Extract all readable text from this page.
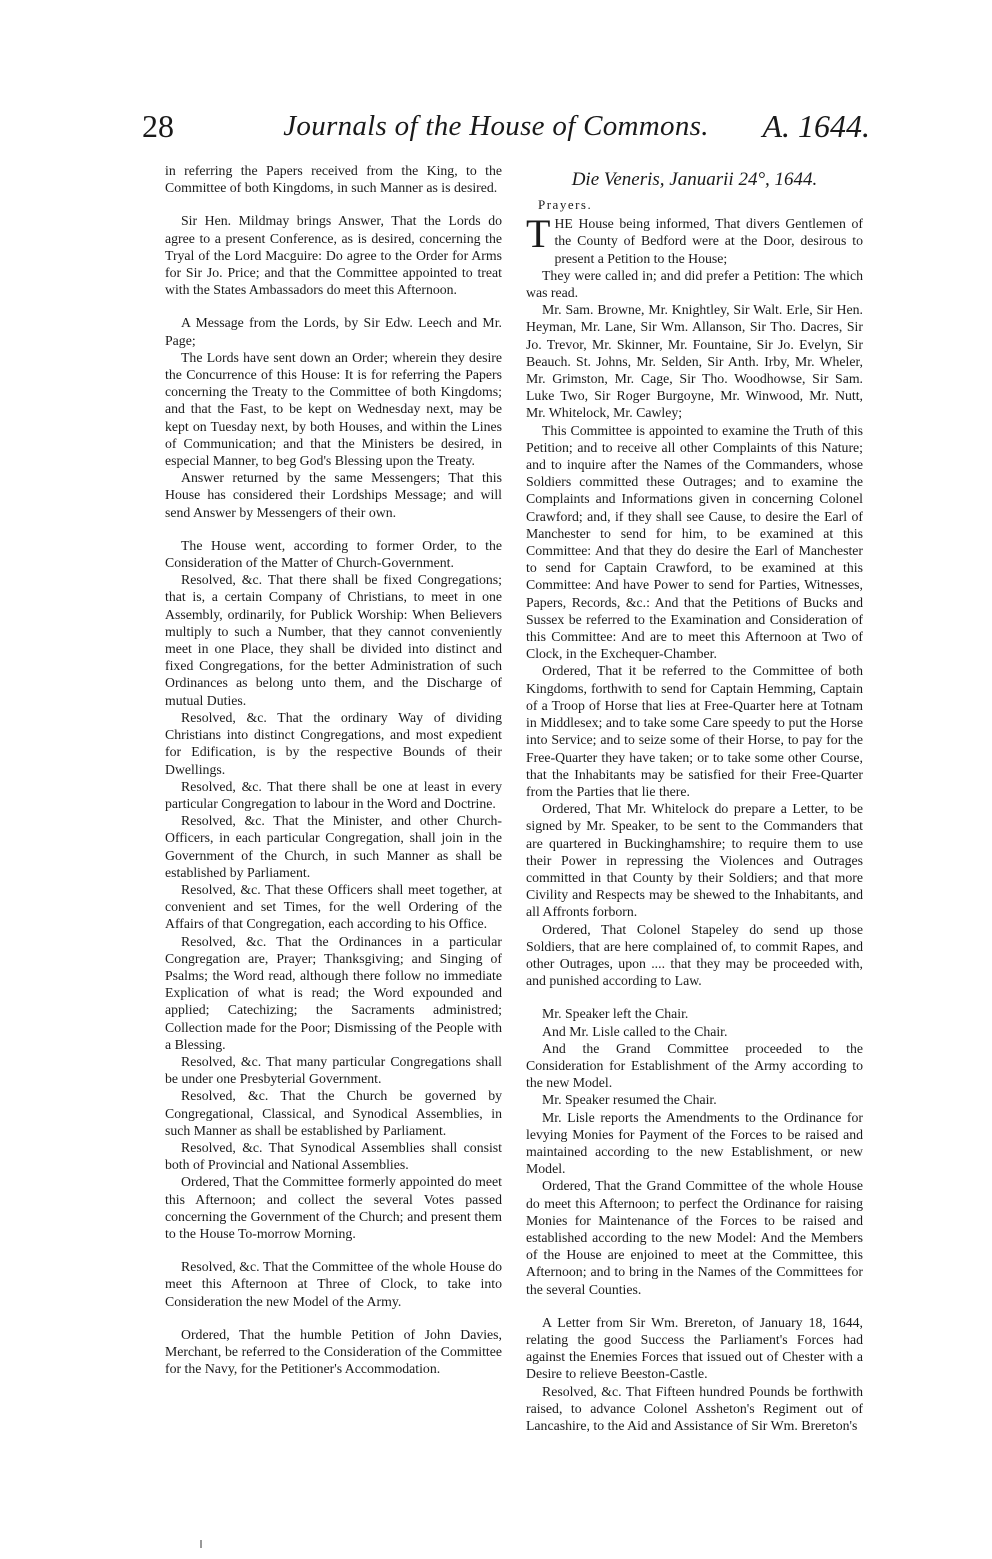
28	Journals of the House of Commons.	A. 1644.

in referring the Papers received from the King, to the Committee of both Kingdoms, in such Manner as is desired.

Sir Hen. Mildmay brings Answer, That the Lords do agree to a present Conference, as is desired, concerning the Tryal of the Lord Macguire: Do agree to the Order for Arms for Sir Jo. Price; and that the Committee appointed to treat with the States Ambassadors do meet this Afternoon.

A Message from the Lords, by Sir Edw. Leech and Mr. Page;

The Lords have sent down an Order; wherein they desire the Concurrence of this House: It is for referring the Papers concerning the Treaty to the Committee of both Kingdoms; and that the Fast, to be kept on Wednesday next, may be kept on Tuesday next, by both Houses, and within the Lines of Communication; and that the Ministers be desired, in especial Manner, to beg God's Blessing upon the Treaty.

Answer returned by the same Messengers; That this House has considered their Lordships Message; and will send Answer by Messengers of their own.

The House went, according to former Order, to the Consideration of the Matter of Church-Government.

Resolved, &c. That there shall be fixed Congregations; that is, a certain Company of Christians, to meet in one Assembly, ordinarily, for Publick Worship: When Believers multiply to such a Number, that they cannot conveniently meet in one Place, they shall be divided into distinct and fixed Congregations, for the better Administration of such Ordinances as belong unto them, and the Discharge of mutual Duties.

Resolved, &c. That the ordinary Way of dividing Christians into distinct Congregations, and most expedient for Edification, is by the respective Bounds of their Dwellings.

Resolved, &c. That there shall be one at least in every particular Congregation to labour in the Word and Doctrine.

Resolved, &c. That the Minister, and other Church-Officers, in each particular Congregation, shall join in the Government of the Church, in such Manner as shall be established by Parliament.

Resolved, &c. That these Officers shall meet together, at convenient and set Times, for the well Ordering of the Affairs of that Congregation, each according to his Office.

Resolved, &c. That the Ordinances in a particular Congregation are, Prayer; Thanksgiving; and Singing of Psalms; the Word read, although there follow no immediate Explication of what is read; the Word expounded and applied; Catechizing; the Sacraments administred; Collection made for the Poor; Dismissing of the People with a Blessing.

Resolved, &c. That many particular Congregations shall be under one Presbyterial Government.

Resolved, &c. That the Church be governed by Congregational, Classical, and Synodical Assemblies, in such Manner as shall be established by Parliament.

Resolved, &c. That Synodical Assemblies shall consist both of Provincial and National Assemblies.

Ordered, That the Committee formerly appointed do meet this Afternoon; and collect the several Votes passed concerning the Government of the Church; and present them to the House To-morrow Morning.

Resolved, &c. That the Committee of the whole House do meet this Afternoon at Three of Clock, to take into Consideration the new Model of the Army.

Ordered, That the humble Petition of John Davies, Merchant, be referred to the Consideration of the Committee for the Navy, for the Petitioner's Accommodation.

Die Veneris, Januarii 24°, 1644.
Prayers.

THE House being informed, That divers Gentlemen of the County of Bedford were at the Door, desirous to present a Petition to the House;

They were called in; and did prefer a Petition: The which was read.

Mr. Sam. Browne, Mr. Knightley, Sir Walt. Erle, Sir Hen. Heyman, Mr. Lane, Sir Wm. Allanson, Sir Tho. Dacres, Sir Jo. Trevor, Mr. Skinner, Mr. Fountaine, Sir Jo. Evelyn, Sir Beauch. St. Johns, Mr. Selden, Sir Anth. Irby, Mr. Wheler, Mr. Grimston, Mr. Cage, Sir Tho. Woodhowse, Sir Sam. Luke Two, Sir Roger Burgoyne, Mr. Winwood, Mr. Nutt, Mr. Whitelock, Mr. Cawley;

This Committee is appointed to examine the Truth of this Petition; and to receive all other Complaints of this Nature; and to inquire after the Names of the Commanders, whose Soldiers committed these Outrages; and to examine the Complaints and Informations given in concerning Colonel Crawford; and, if they shall see Cause, to desire the Earl of Manchester to send for him, to be examined at this Committee: And that they do desire the Earl of Manchester to send for Captain Crawford, to be examined at this Committee: And have Power to send for Parties, Witnesses, Papers, Records, &c.: And that the Petitions of Bucks and Sussex be referred to the Examination and Consideration of this Committee: And are to meet this Afternoon at Two of Clock, in the Exchequer-Chamber.

Ordered, That it be referred to the Committee of both Kingdoms, forthwith to send for Captain Hemming, Captain of a Troop of Horse that lies at Free-Quarter here at Totnam in Middlesex; and to take some Care speedy to put the Horse into Service; and to seize some of their Horse, to pay for the Free-Quarter they have taken; or to take some other Course, that the Inhabitants may be satisfied for their Free-Quarter from the Parties that lie there.

Ordered, That Mr. Whitelock do prepare a Letter, to be signed by Mr. Speaker, to be sent to the Commanders that are quartered in Buckinghamshire; to require them to use their Power in repressing the Violences and Outrages committed in that County by their Soldiers; and that more Civility and Respects may be shewed to the Inhabitants, and all Affronts forborn.

Ordered, That Colonel Stapeley do send up those Soldiers, that are here complained of, to commit Rapes, and other Outrages, upon .... that they may be proceeded with, and punished according to Law.

Mr. Speaker left the Chair.

And Mr. Lisle called to the Chair.

And the Grand Committee proceeded to the Consideration for Establishment of the Army according to the new Model.

Mr. Speaker resumed the Chair.

Mr. Lisle reports the Amendments to the Ordinance for levying Monies for Payment of the Forces to be raised and maintained according to the new Establishment, or new Model.

Ordered, That the Grand Committee of the whole House do meet this Afternoon; to perfect the Ordinance for raising Monies for Maintenance of the Forces to be raised and established according to the new Model: And the Members of the House are enjoined to meet at the Committee, this Afternoon; and to bring in the Names of the Committees for the several Counties.

A Letter from Sir Wm. Brereton, of January 18, 1644, relating the good Success the Parliament's Forces had against the Enemies Forces that issued out of Chester with a Desire to relieve Beeston-Castle.

Resolved, &c. That Fifteen hundred Pounds be forthwith raised, to advance Colonel Assheton's Regiment out of Lancashire, to the Aid and Assistance of Sir Wm. Brereton's
